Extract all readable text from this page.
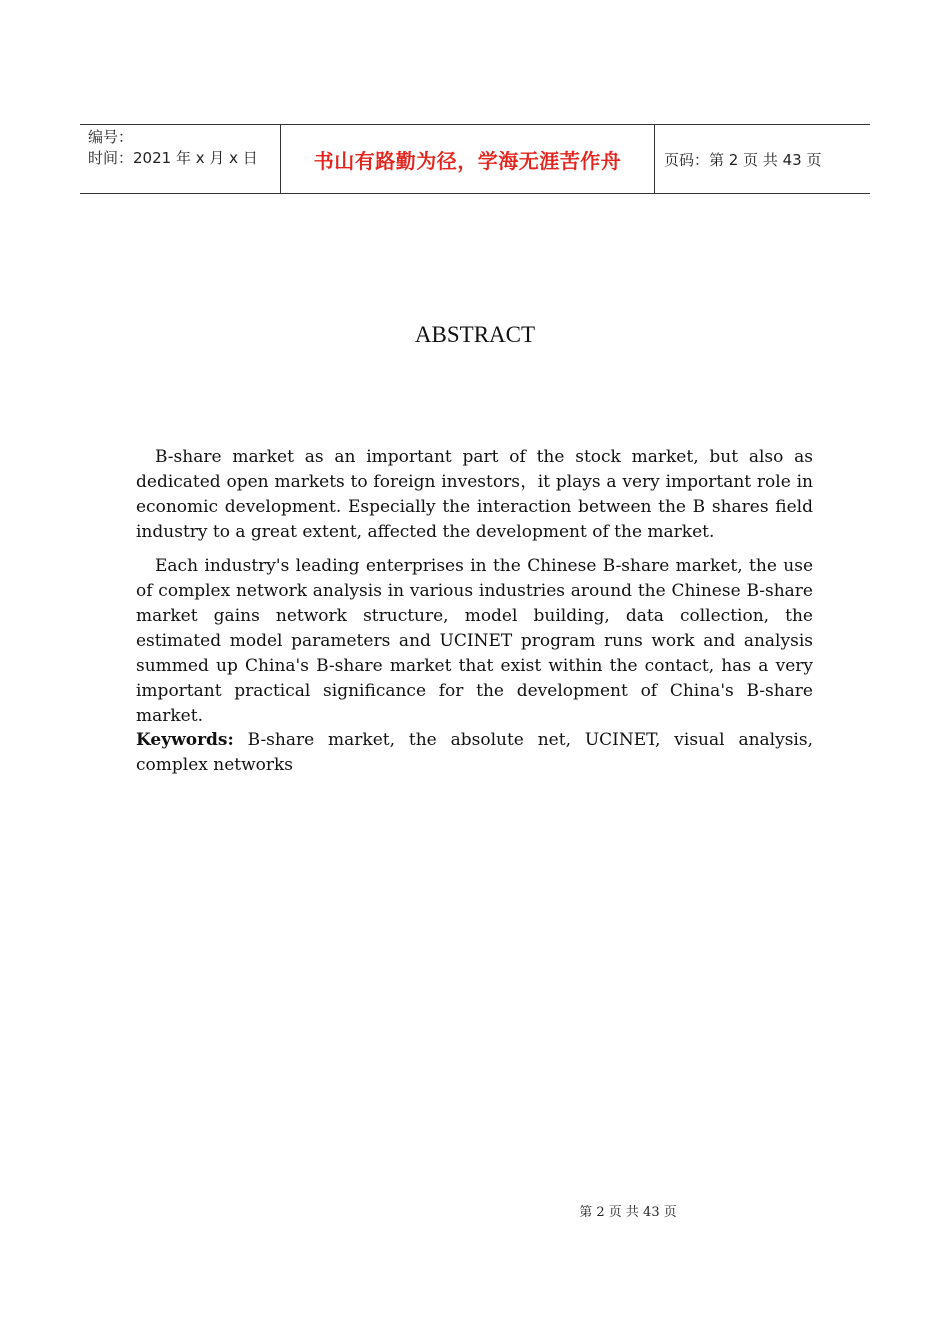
编号：
时间：2021 年 x 月 x 日	书山有路勤为径，学海无涯苦作舟	页码：第 2 页 共 43 页
ABSTRACT

B-share market as an important part of the stock market, but also as dedicated open markets to foreign investors，it plays a very important role in economic development. Especially the interaction between the B shares field industry to a great extent, affected the development of the market.

Each industry's leading enterprises in the Chinese B-share market, the use of complex network analysis in various industries around the Chinese B-share market gains network structure, model building, data collection, the estimated model parameters and UCINET program runs work and analysis summed up China's B-share market that exist within the contact, has a very important practical significance for the development of China's B-share market.

Keywords: B-share market, the absolute net, UCINET, visual analysis, complex networks
第 2 页 共 43 页
